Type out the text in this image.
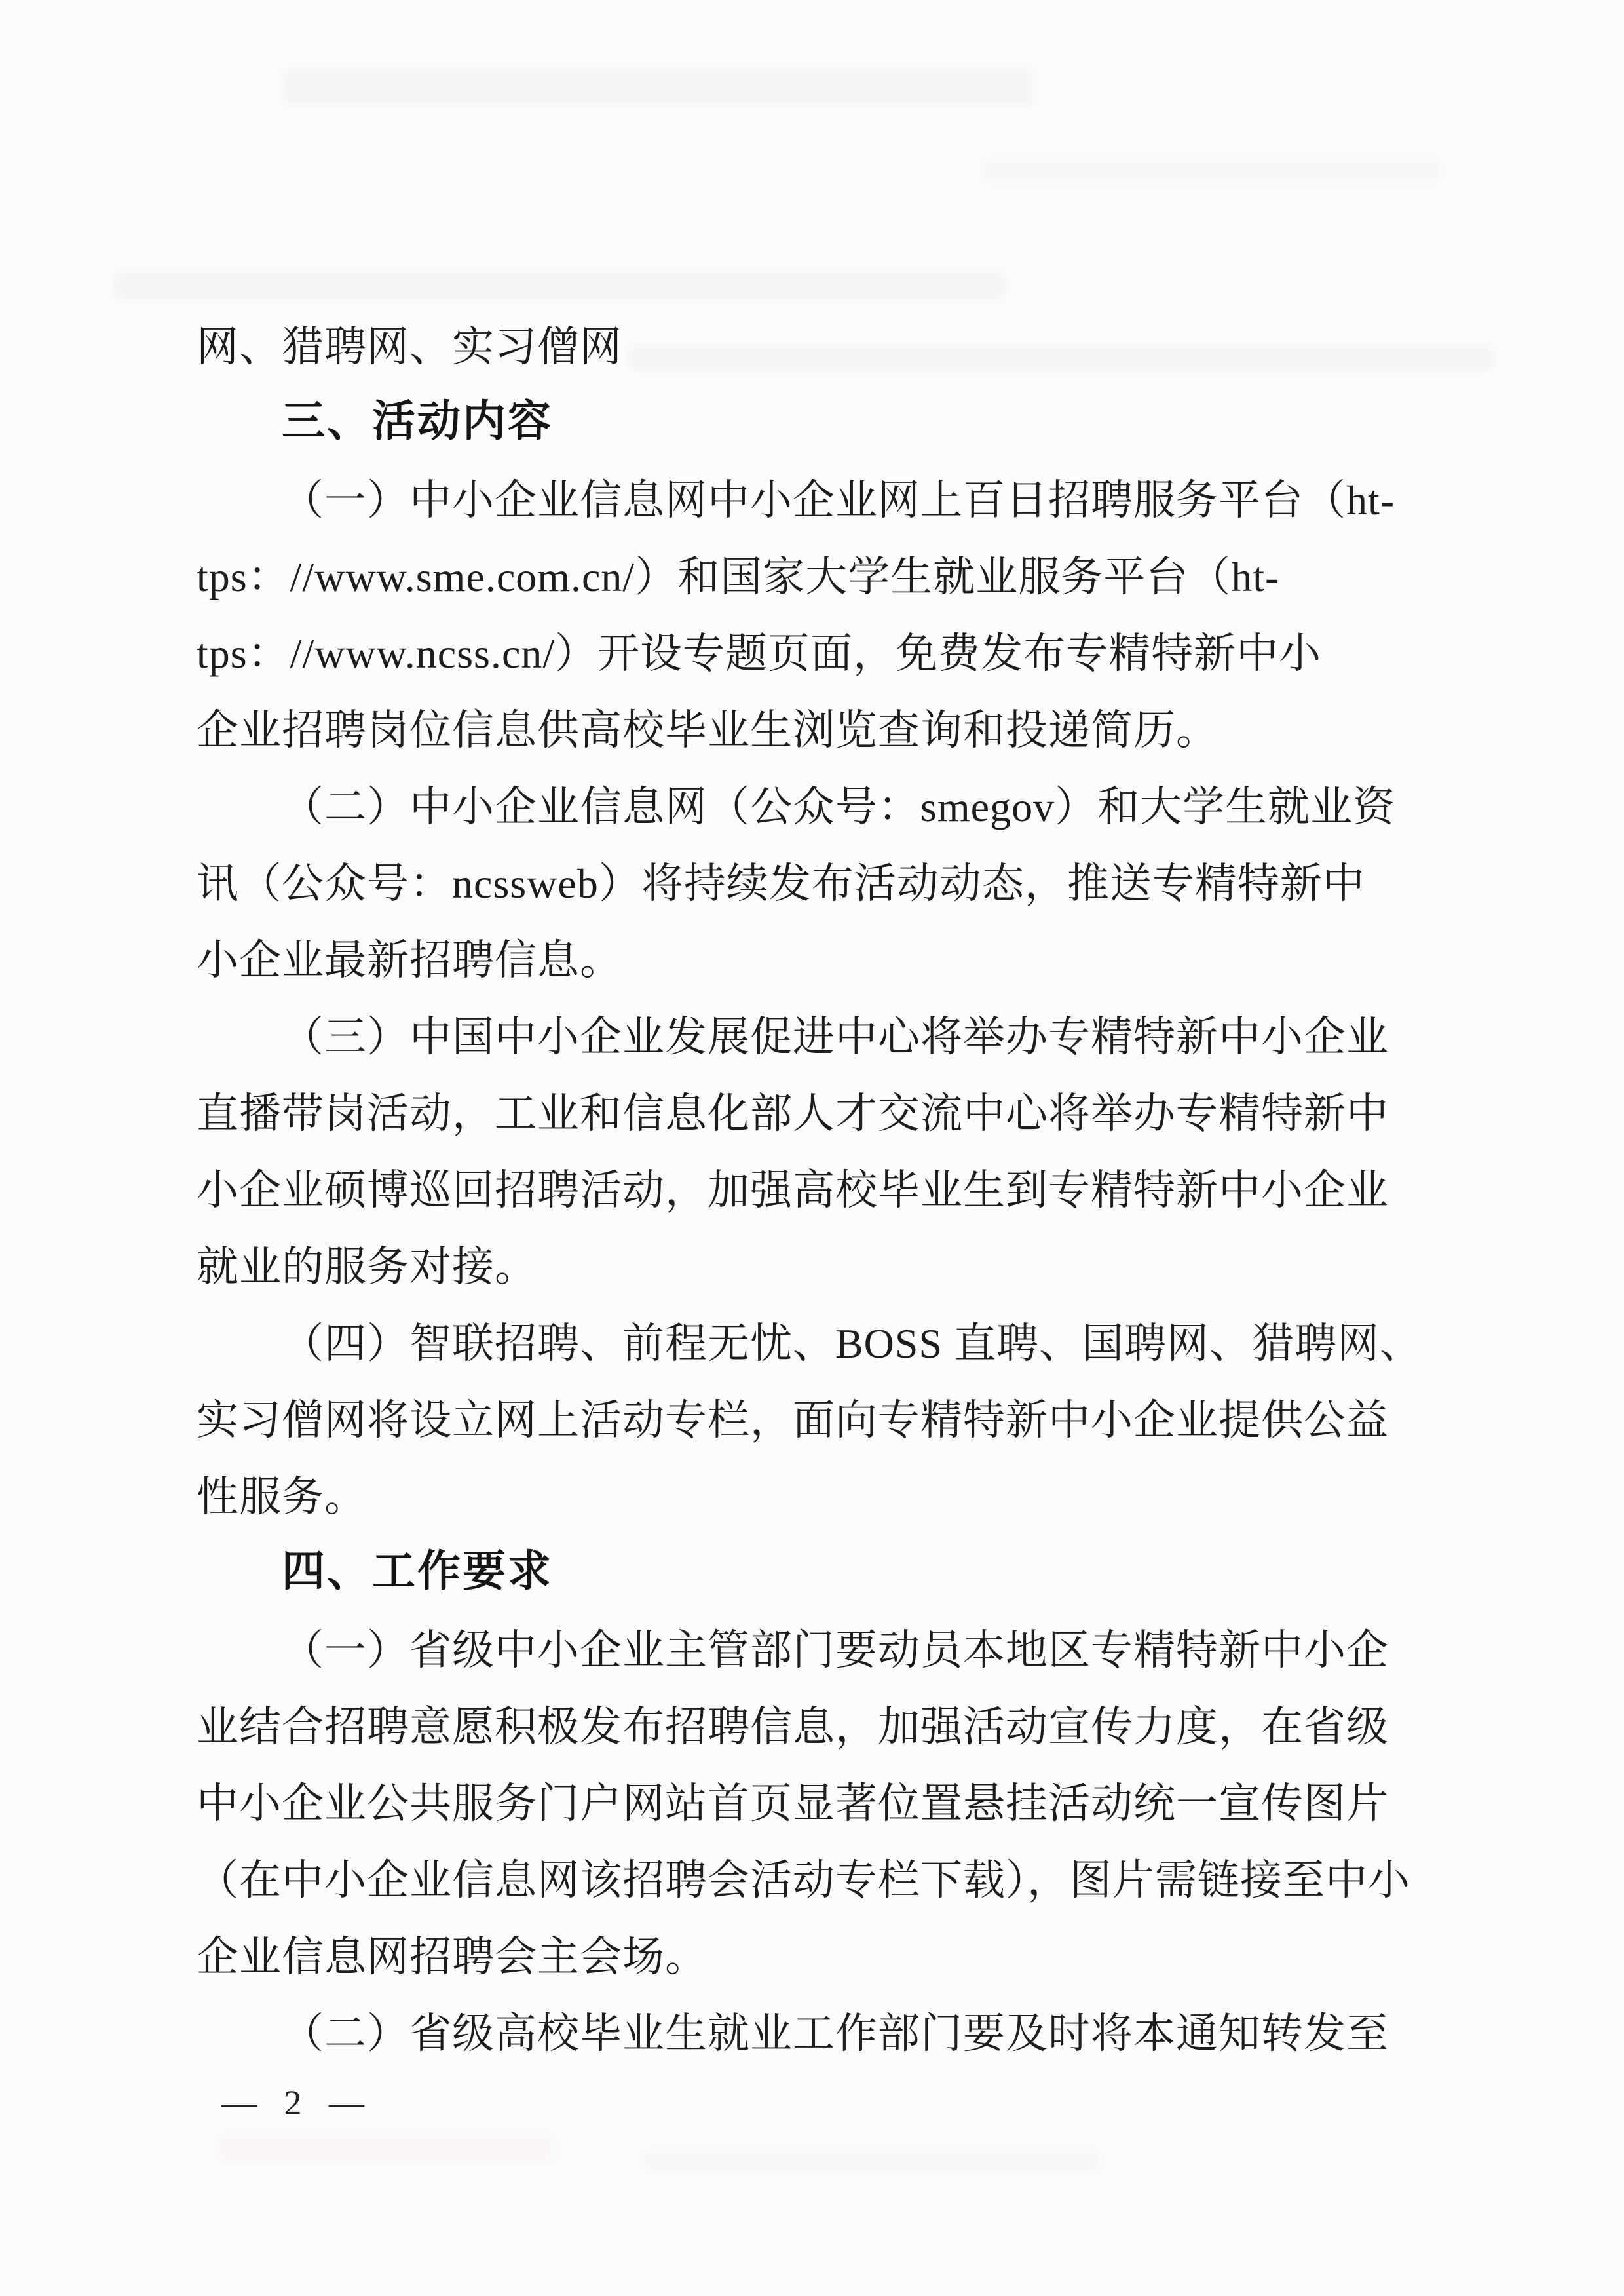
网、猎聘网、实习僧网
三、活动内容
（一）中小企业信息网中小企业网上百日招聘服务平台（ht-
tps：//www.sme.com.cn/）和国家大学生就业服务平台（ht-
tps：//www.ncss.cn/）开设专题页面，免费发布专精特新中小
企业招聘岗位信息供高校毕业生浏览查询和投递简历。
（二）中小企业信息网（公众号：smegov）和大学生就业资
讯（公众号：ncssweb）将持续发布活动动态，推送专精特新中
小企业最新招聘信息。
（三）中国中小企业发展促进中心将举办专精特新中小企业
直播带岗活动，工业和信息化部人才交流中心将举办专精特新中
小企业硕博巡回招聘活动，加强高校毕业生到专精特新中小企业
就业的服务对接。
（四）智联招聘、前程无忧、BOSS 直聘、国聘网、猎聘网、
实习僧网将设立网上活动专栏，面向专精特新中小企业提供公益
性服务。
四、工作要求
（一）省级中小企业主管部门要动员本地区专精特新中小企
业结合招聘意愿积极发布招聘信息，加强活动宣传力度，在省级
中小企业公共服务门户网站首页显著位置悬挂活动统一宣传图片
（在中小企业信息网该招聘会活动专栏下载），图片需链接至中小
企业信息网招聘会主会场。
（二）省级高校毕业生就业工作部门要及时将本通知转发至
— 2 —
